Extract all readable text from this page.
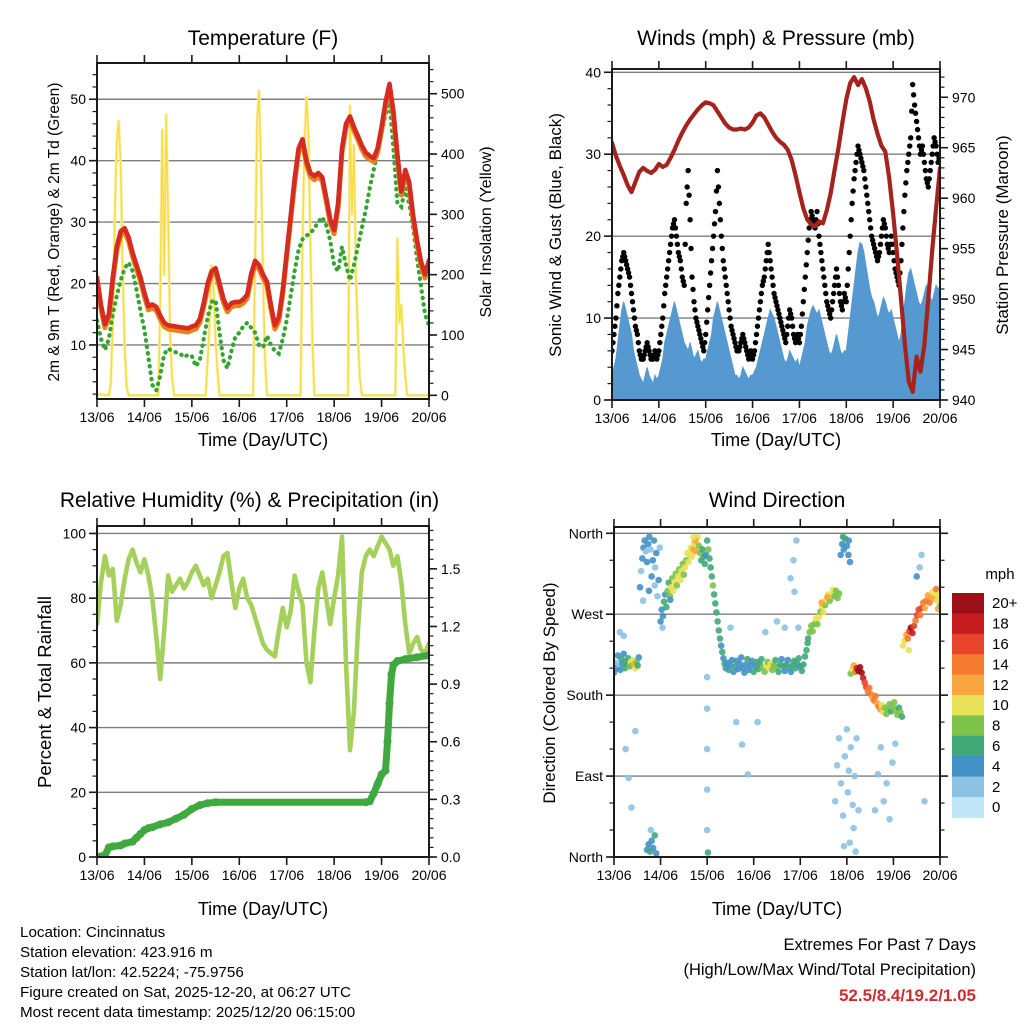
Temperature (F)	Winds (mph) & Pressure (mb)
Relative Humidity (%) & Precipitation (in)	Wind Direction
Time (Day/UTC)	Time (Day/UTC)
Time (Day/UTC)	Time (Day/UTC)
2m & 9m T (Red, Orange) & 2m Td (Green)	Solar Insolation (Yellow)	Sonic Wind & Gust (Blue, Black)	Station Pressure (Maroon)
Percent & Total Rainfall	Direction (Colored By Speed)
mph
13/06 14/06 15/06 16/06 17/06 18/06 19/06 20/06
10
20
30
40
50
0
100
200
300
400
500
13/06 14/06 15/06 16/06 17/06 18/06 19/06 20/06
0
10
20
30
40
940
945
950
955
960
965
970
13/06 14/06 15/06 16/06 17/06 18/06 19/06 20/06
0
20
40
60
80
100
0.0
0.3
0.6
0.9
1.2
1.5
13/06 14/06 15/06 16/06 17/06 18/06 19/06 20/06
North
East
South
West
North
20+
18
16
14
12
10
8
6
4
2
0
Location: Cincinnatus
Station elevation: 423.916 m
Station lat/lon: 42.5224; -75.9756
Figure created on Sat, 2025-12-20, at 06:27 UTC
Most recent data timestamp: 2025/12/20 06:15:00
Extremes For Past 7 Days
(High/Low/Max Wind/Total Precipitation)
52.5/8.4/19.2/1.05
